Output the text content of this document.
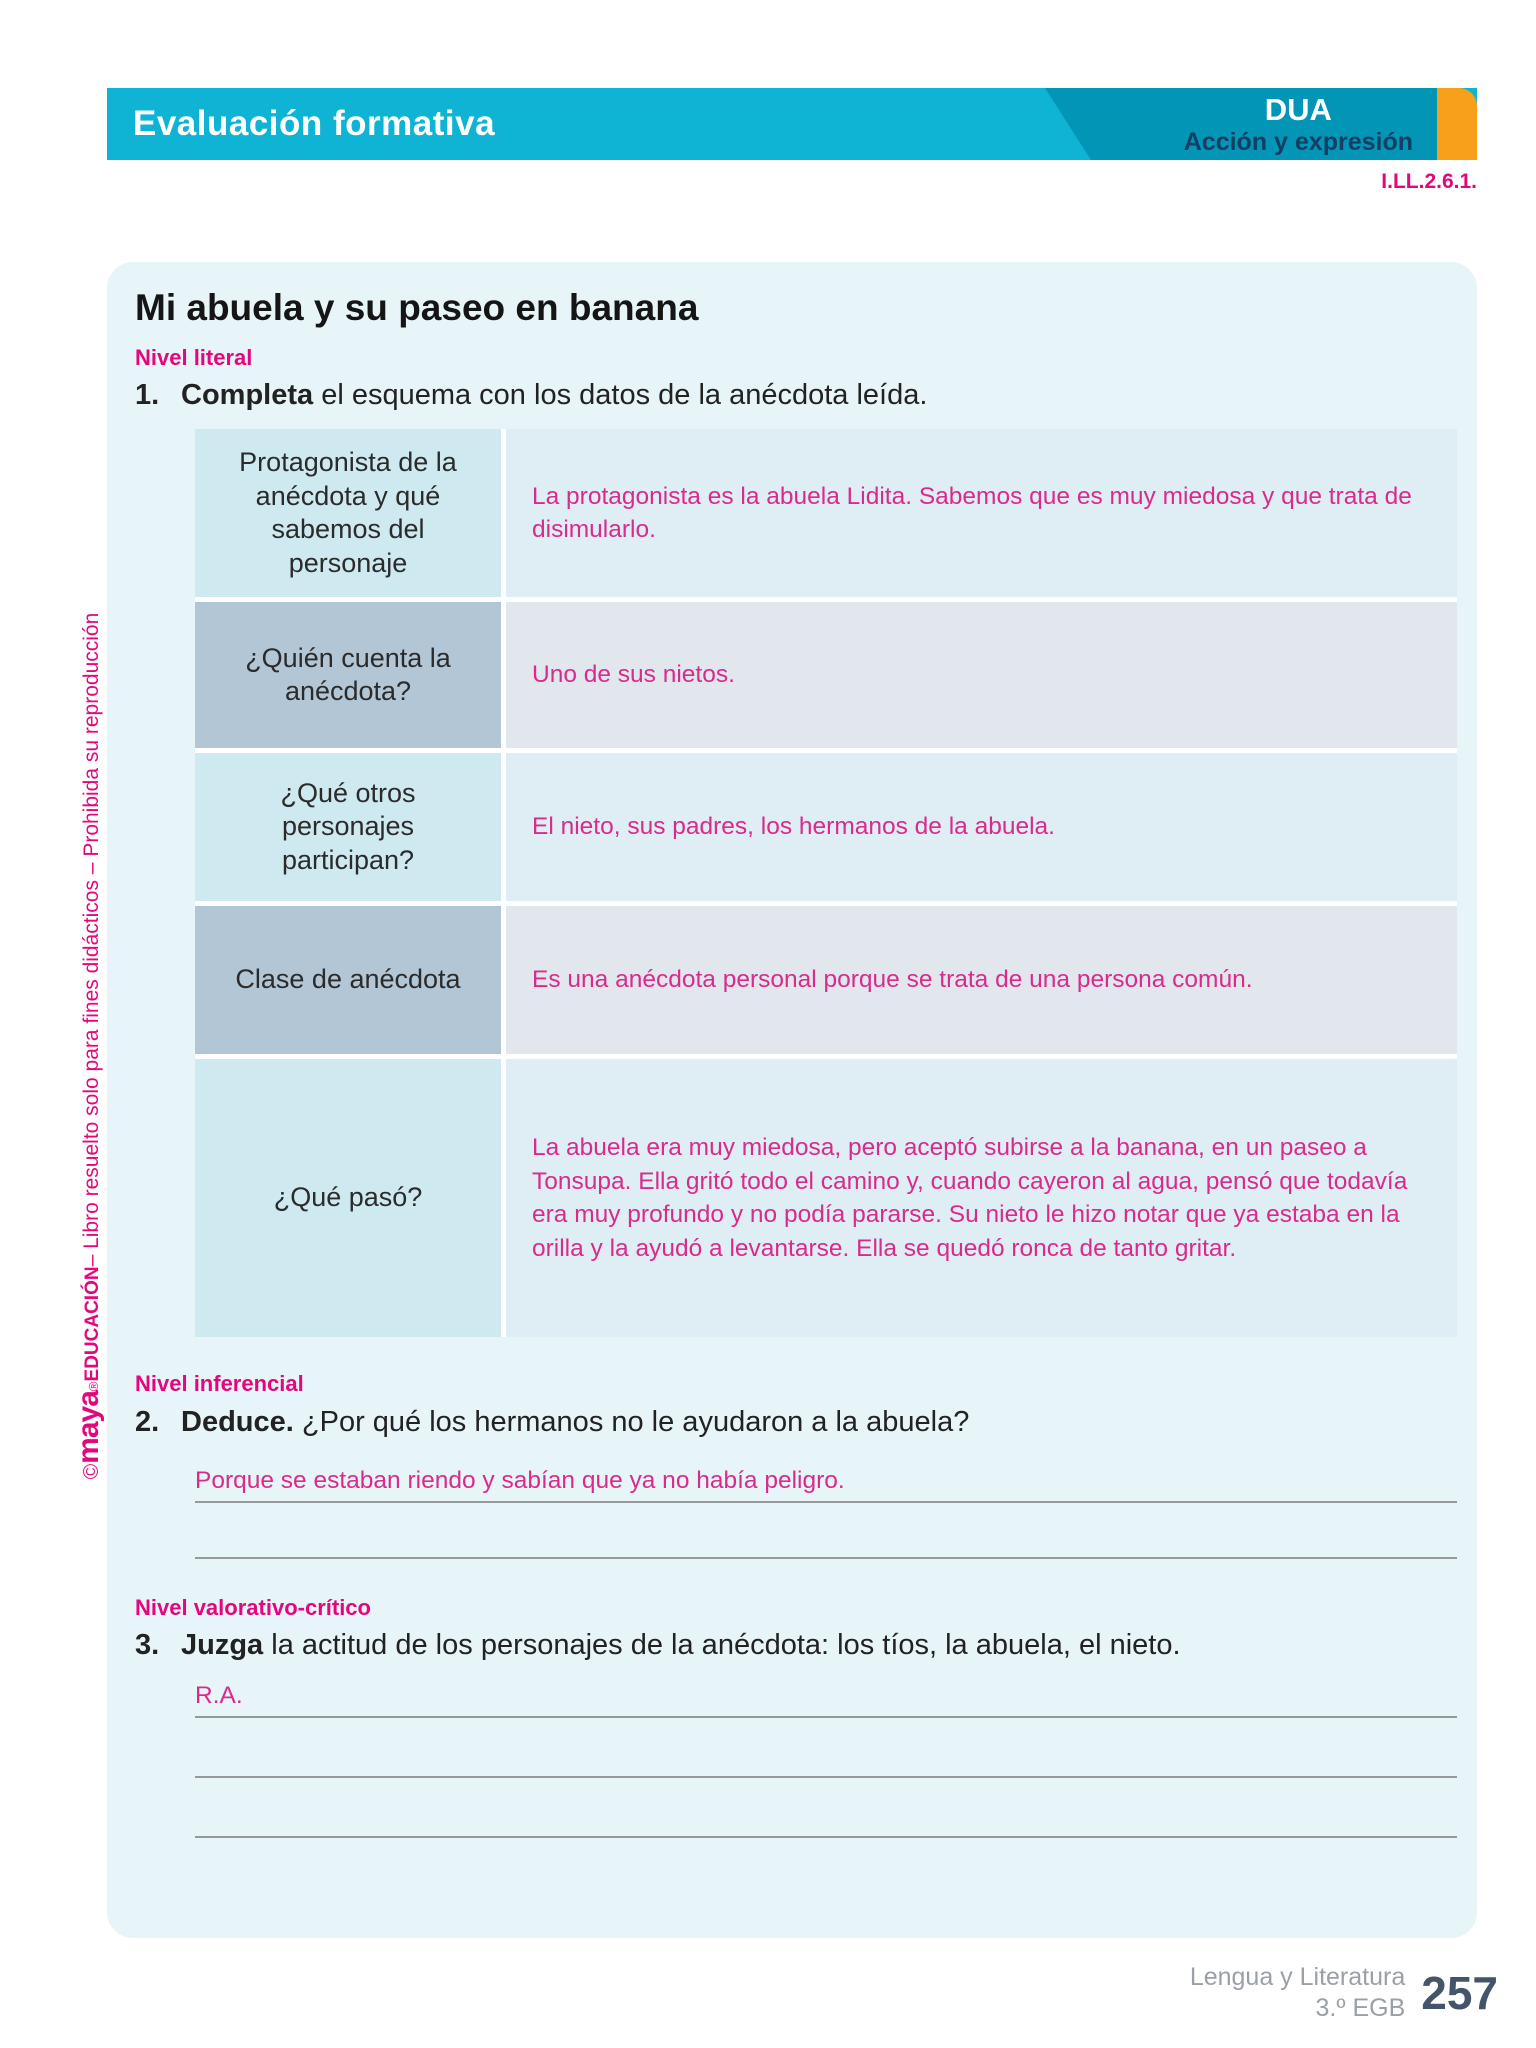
Evaluación formativa	DUA
Acción y expresión
I.LL.2.6.1.
Mi abuela y su paseo en banana
Nivel literal
1. Completa el esquema con los datos de la anécdota leída.
Protagonista de la anécdota y qué sabemos del personaje
La protagonista es la abuela Lidita. Sabemos que es muy miedosa y que trata de disimularlo.
¿Quién cuenta la anécdota?
Uno de sus nietos.
¿Qué otros personajes participan?
El nieto, sus padres, los hermanos de la abuela.
Clase de anécdota	Es una anécdota personal porque se trata de una persona común.
¿Qué pasó?
La abuela era muy miedosa, pero aceptó subirse a la banana, en un paseo a Tonsupa. Ella gritó todo el camino y, cuando cayeron al agua, pensó que todavía era muy profundo y no podía pararse. Su nieto le hizo notar que ya estaba en la orilla y la ayudó a levantarse. Ella se quedó ronca de tanto gritar.
Nivel inferencial
2. Deduce. ¿Por qué los hermanos no le ayudaron a la abuela?
Porque se estaban riendo y sabían que ya no había peligro.
Nivel valorativo-crítico
3. Juzga la actitud de los personajes de la anécdota: los tíos, la abuela, el nieto.
R.A.
Lengua y Literatura
3.º EGB 257
©
maya
®
EDUCACIÓN
– Libro resuelto solo para fines didácticos – Prohibida su reproducción
